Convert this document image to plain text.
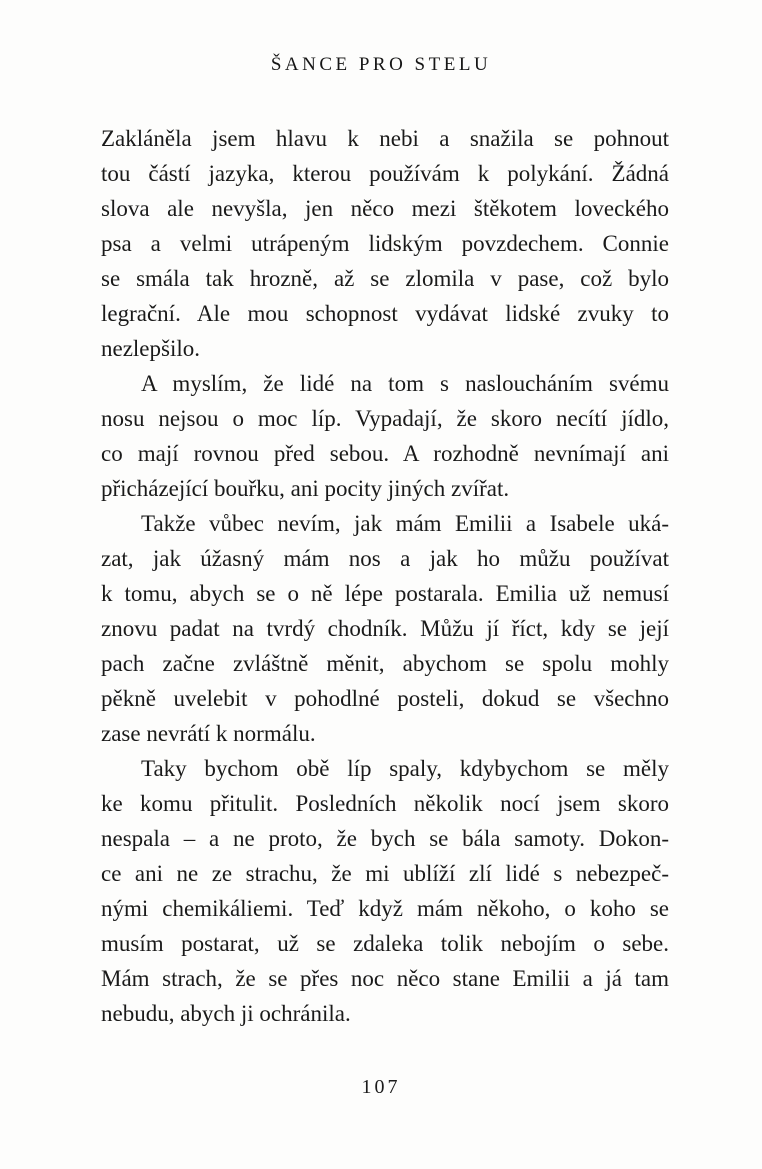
ŠANCE PRO STELU
Zakláněla jsem hlavu k nebi a snažila se pohnout
tou částí jazyka, kterou používám k polykání. Žádná
slova ale nevyšla, jen něco mezi štěkotem loveckého
psa a velmi utrápeným lidským povzdechem. Connie
se smála tak hrozně, až se zlomila v pase, což bylo
legrační. Ale mou schopnost vydávat lidské zvuky to
nezlepšilo.
A myslím, že lidé na tom s nasloucháním svému
nosu nejsou o moc líp. Vypadají, že skoro necítí jídlo,
co mají rovnou před sebou. A rozhodně nevnímají ani
přicházející bouřku, ani pocity jiných zvířat.
Takže vůbec nevím, jak mám Emilii a Isabele uká-
zat, jak úžasný mám nos a jak ho můžu používat
k tomu, abych se o ně lépe postarala. Emilia už nemusí
znovu padat na tvrdý chodník. Můžu jí říct, kdy se její
pach začne zvláštně měnit, abychom se spolu mohly
pěkně uvelebit v pohodlné posteli, dokud se všechno
zase nevrátí k normálu.
Taky bychom obě líp spaly, kdybychom se měly
ke komu přitulit. Posledních několik nocí jsem skoro
nespala – a ne proto, že bych se bála samoty. Dokon-
ce ani ne ze strachu, že mi ublíží zlí lidé s nebezpeč-
nými chemikáliemi. Teď když mám někoho, o koho se
musím postarat, už se zdaleka tolik nebojím o sebe.
Mám strach, že se přes noc něco stane Emilii a já tam
nebudu, abych ji ochránila.
107
